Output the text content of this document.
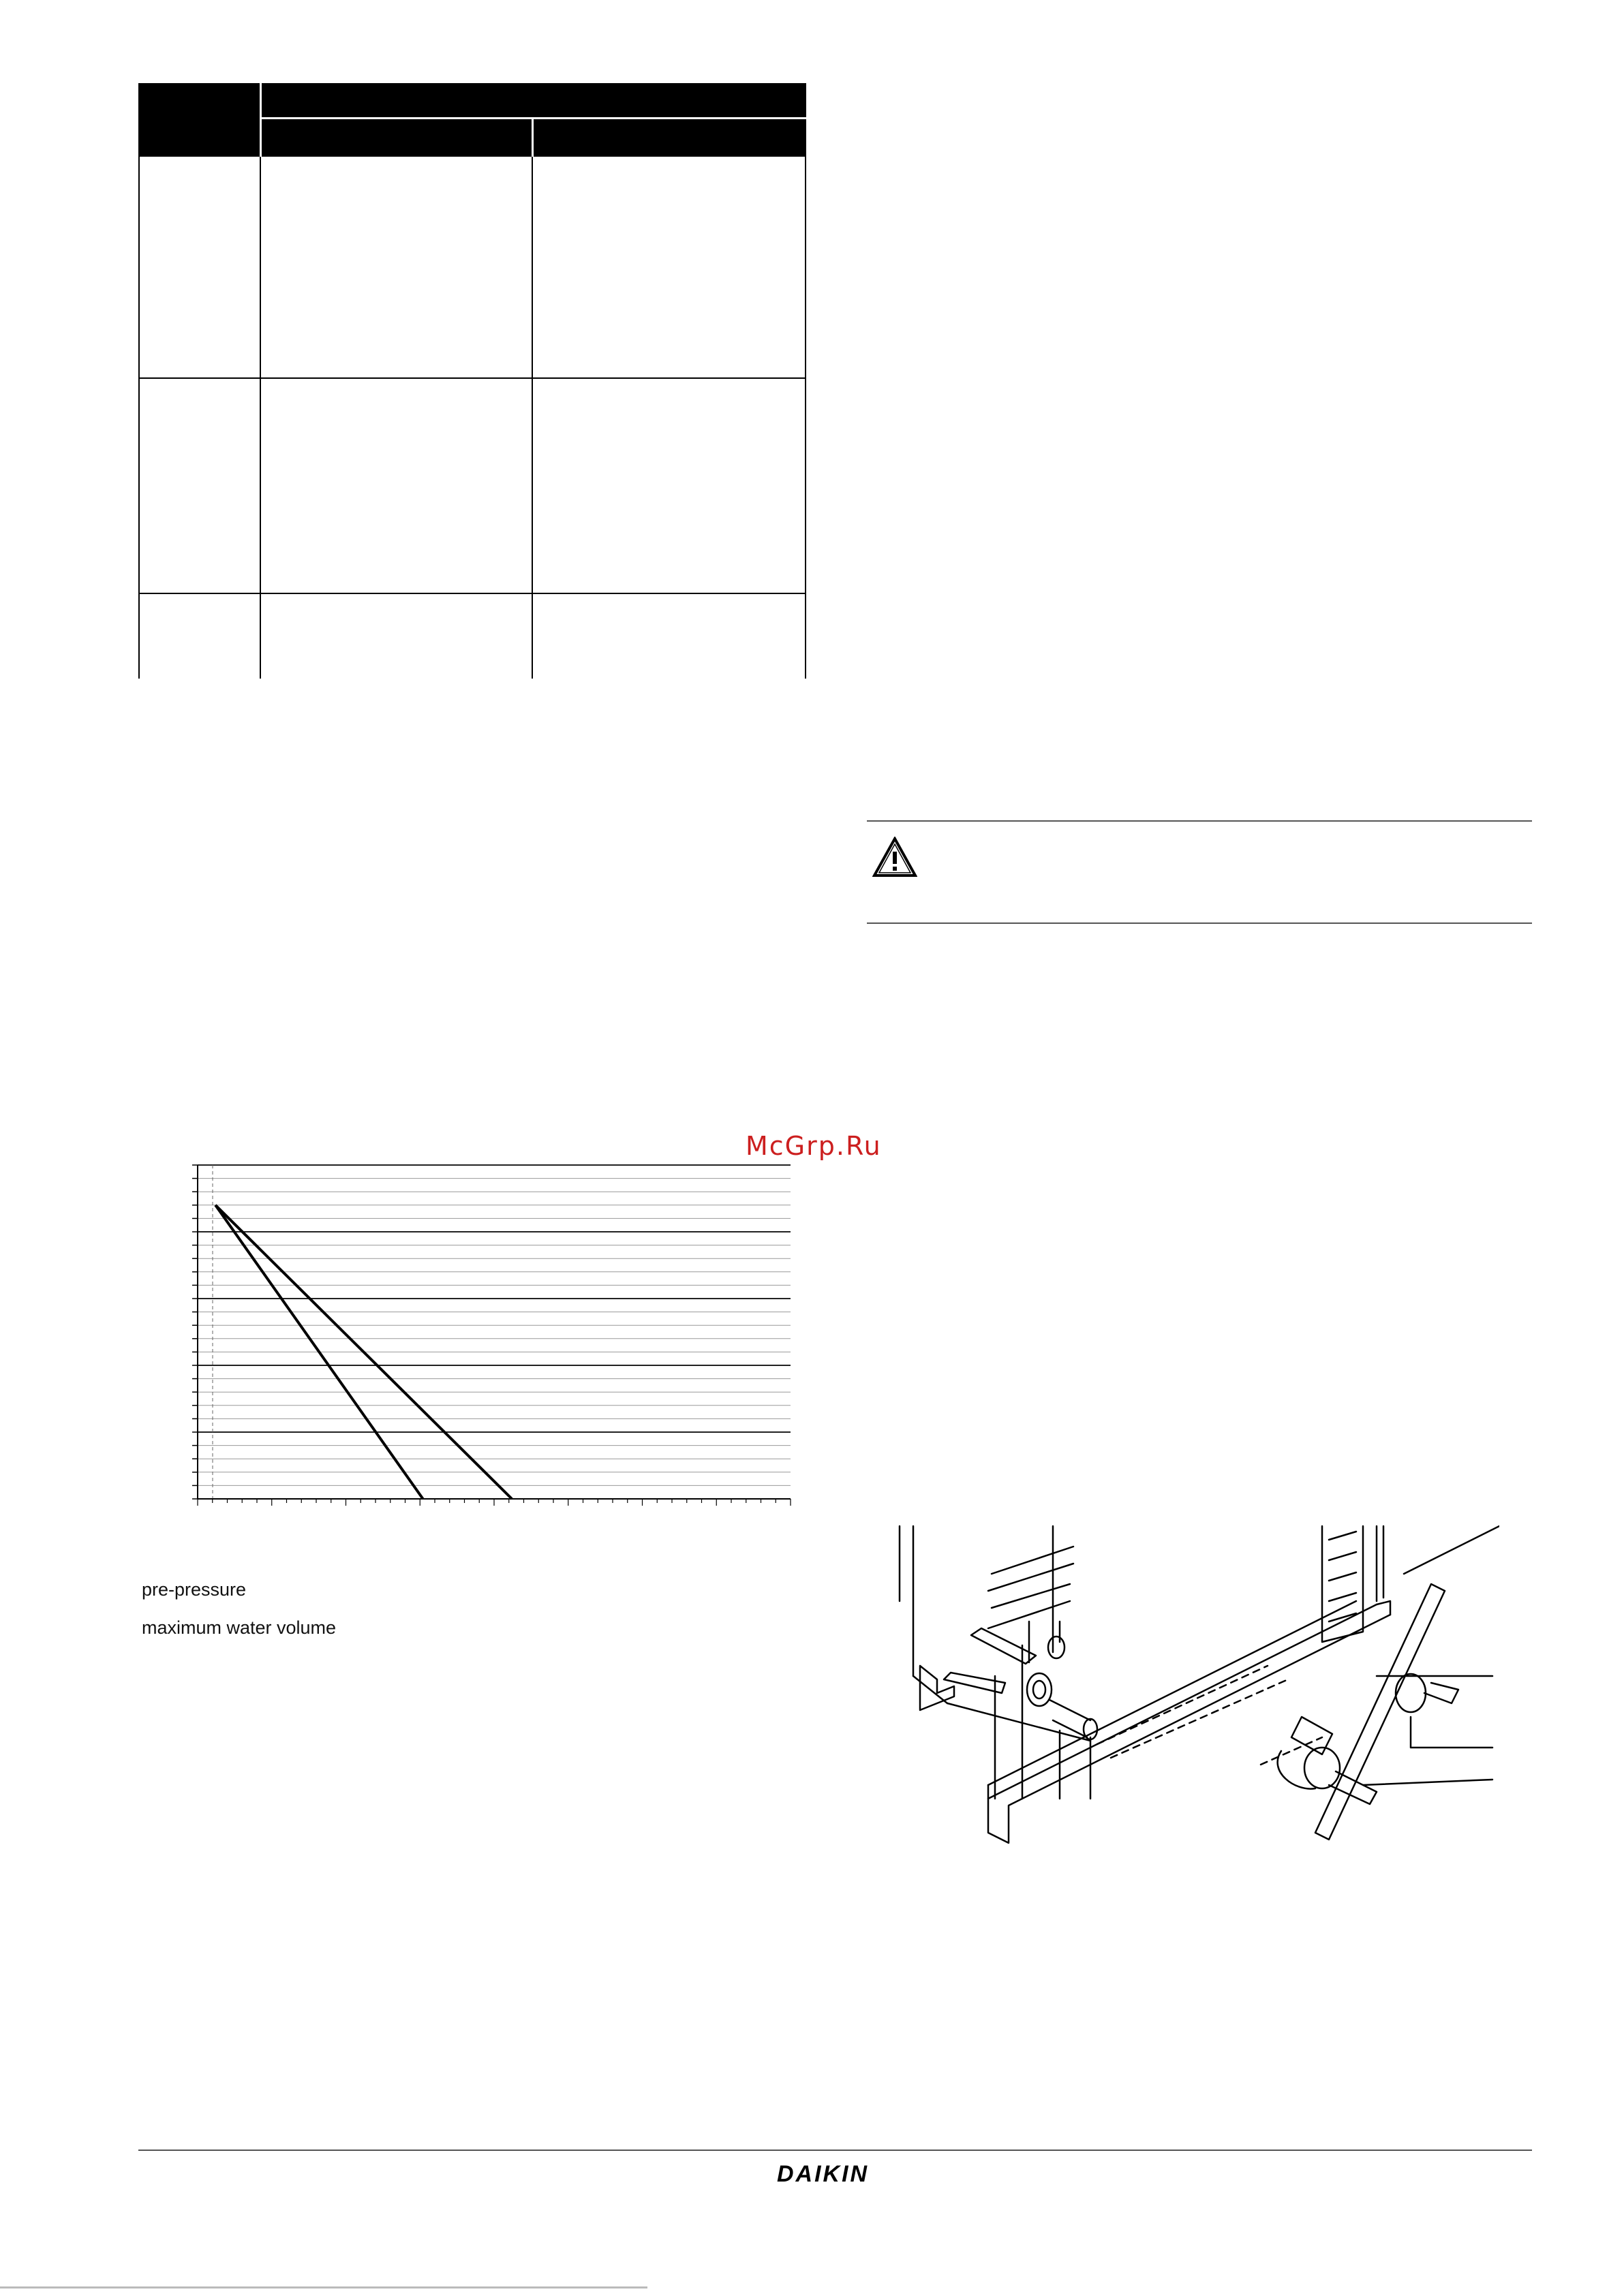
McGrp.Ru
pre-pressure
maximum water volume
DAIKIN
